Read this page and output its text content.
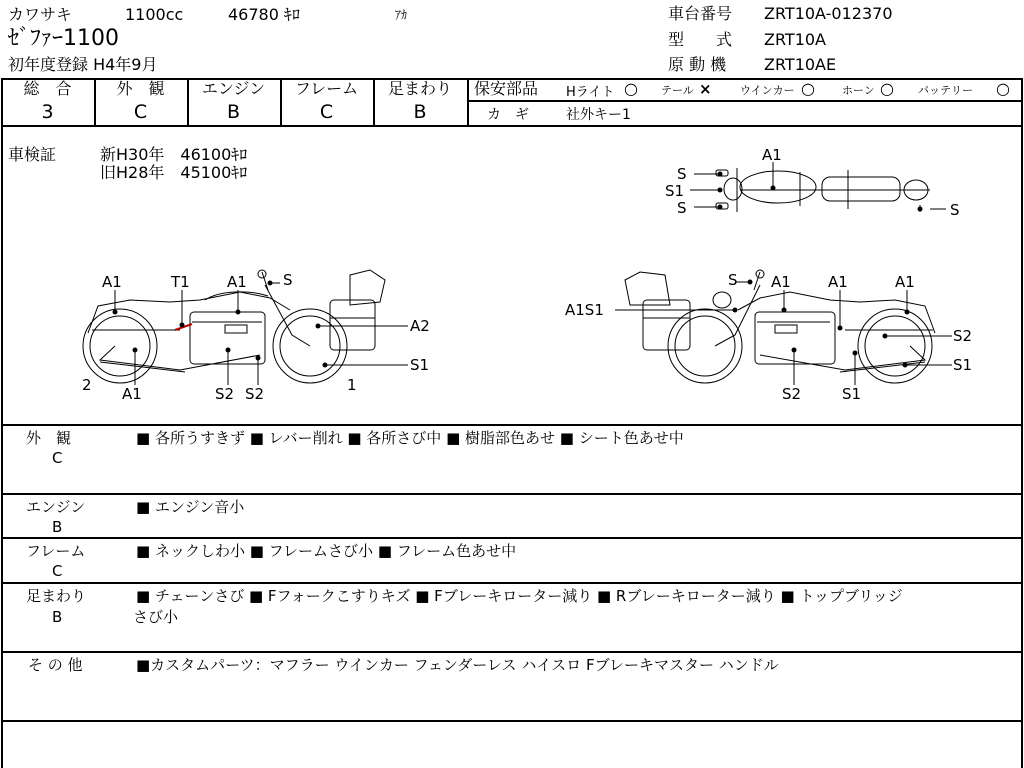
カワサキ	1100cc	46780 ｷﾛ	ｱｶ
ｾﾞﾌｧｰ1100
初年度登録 H4年9月
車台番号 ZRT10A-012370
型　　式 ZRT10A
原 動 機 ZRT10AE
総　合
3
外　観
C
エンジン
B
フレーム
C
足まわり
B
保安部品 Hライト ○ テール ×	ウインカー ○ ホーン ○ バッテリー ○
カ　ギ	社外キー1
車検証	新H30年　46100ｷﾛ
旧H28年　45100ｷﾛ
A1
S
S1
S	S
A1	T1 A1 S
A2
S1
2 A1	S2 S2	1
S A1 A1	A1
A1S1
S2
S1
S2	S1
外　観
C
■ 各所うすきず ■ レバー削れ ■ 各所さび中 ■ 樹脂部色あせ ■ シート色あせ中
エンジン
B
■ エンジン音小
フレーム
C
■ ネックしわ小 ■ フレームさび小 ■ フレーム色あせ中
足まわり
B
■ チェーンさび ■ Fフォークこすりキズ ■ Fブレーキローター減り ■ Rブレーキローター減り ■ トップブリッジ
さび小
そ の 他	■カスタムパーツ：マフラー ウインカー フェンダーレス ハイスロ Fブレーキマスター ハンドル
